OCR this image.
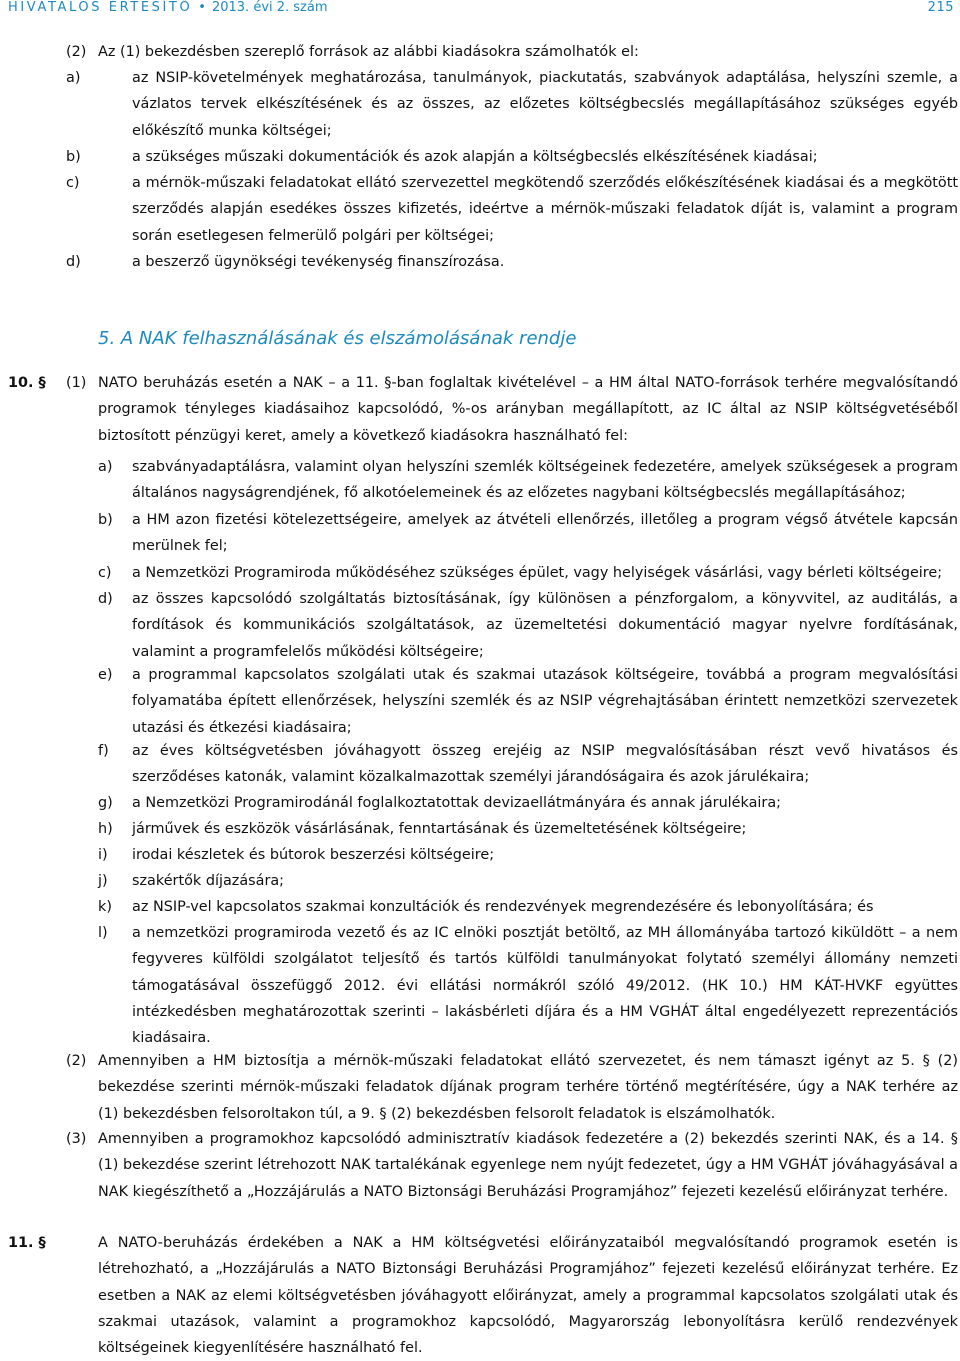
HIVATALOS ÉRTESÍTŐ • 2013. évi 2. szám	215
(2) Az (1) bekezdésben szereplő források az alábbi kiadásokra számolhatók el:
a)	az NSIP-követelmények meghatározása, tanulmányok, piackutatás, szabványok adaptálása, helyszíni szemle, a vázlatos tervek elkészítésének és az összes, az előzetes költségbecslés megállapításához szükséges egyéb előkészítő munka költségei;
b)	a szükséges műszaki dokumentációk és azok alapján a költségbecslés elkészítésének kiadásai;
c)	a mérnök-műszaki feladatokat ellátó szervezettel megkötendő szerződés előkészítésének kiadásai és a megkötött szerződés alapján esedékes összes kifizetés, ideértve a mérnök-műszaki feladatok díját is, valamint a program során esetlegesen felmerülő polgári per költségei;
d)	a beszerző ügynökségi tevékenység finanszírozása.
5. A NAK felhasználásának és elszámolásának rendje
10. § (1) NATO beruházás esetén a NAK – a 11. §-ban foglaltak kivételével – a HM által NATO-források terhére megvalósítandó programok tényleges kiadásaihoz kapcsolódó, %-os arányban megállapított, az IC által az NSIP költségvetéséből biztosított pénzügyi keret, amely a következő kiadásokra használható fel:
a) szabványadaptálásra, valamint olyan helyszíni szemlék költségeinek fedezetére, amelyek szükségesek a program általános nagyságrendjének, fő alkotóelemeinek és az előzetes nagybani költségbecslés megállapításához;
b) a HM azon fizetési kötelezettségeire, amelyek az átvételi ellenőrzés, illetőleg a program végső átvétele kapcsán merülnek fel;
c) a Nemzetközi Programiroda működéséhez szükséges épület, vagy helyiségek vásárlási, vagy bérleti költségeire;
d) az összes kapcsolódó szolgáltatás biztosításának, így különösen a pénzforgalom, a könyvvitel, az auditálás, a fordítások és kommunikációs szolgáltatások, az üzemeltetési dokumentáció magyar nyelvre fordításának, valamint a programfelelős működési költségeire;
e) a programmal kapcsolatos szolgálati utak és szakmai utazások költségeire, továbbá a program megvalósítási folyamatába épített ellenőrzések, helyszíni szemlék és az NSIP végrehajtásában érintett nemzetközi szervezetek utazási és étkezési kiadásaira;
f) az éves költségvetésben jóváhagyott összeg erejéig az NSIP megvalósításában részt vevő hivatásos és szerződéses katonák, valamint közalkalmazottak személyi járandóságaira és azok járulékaira;
g) a Nemzetközi Programirodánál foglalkoztatottak devizaellátmányára és annak járulékaira;
h) járművek és eszközök vásárlásának, fenntartásának és üzemeltetésének költségeire;
i) irodai készletek és bútorok beszerzési költségeire;
j) szakértők díjazására;
k) az NSIP-vel kapcsolatos szakmai konzultációk és rendezvények megrendezésére és lebonyolítására; és
l) a nemzetközi programiroda vezető és az IC elnöki posztját betöltő, az MH állományába tartozó kiküldött – a nem fegyveres külföldi szolgálatot teljesítő és tartós külföldi tanulmányokat folytató személyi állomány nemzeti támogatásával összefüggő 2012. évi ellátási normákról szóló 49/2012. (HK 10.) HM KÁT-HVKF együttes intézkedésben meghatározottak szerinti – lakásbérleti díjára és a HM VGHÁT által engedélyezett reprezentációs kiadásaira.
(2) Amennyiben a HM biztosítja a mérnök-műszaki feladatokat ellátó szervezetet, és nem támaszt igényt az 5. § (2) bekezdése szerinti mérnök-műszaki feladatok díjának program terhére történő megtérítésére, úgy a NAK terhére az (1) bekezdésben felsoroltakon túl, a 9. § (2) bekezdésben felsorolt feladatok is elszámolhatók.
(3) Amennyiben a programokhoz kapcsolódó adminisztratív kiadások fedezetére a (2) bekezdés szerinti NAK, és a 14. § (1) bekezdése szerint létrehozott NAK tartalékának egyenlege nem nyújt fedezetet, úgy a HM VGHÁT jóváhagyásával a NAK kiegészíthető a „Hozzájárulás a NATO Biztonsági Beruházási Programjához” fejezeti kezelésű előirányzat terhére.
11. §	A NATO-beruházás érdekében a NAK a HM költségvetési előirányzataiból megvalósítandó programok esetén is létrehozható, a „Hozzájárulás a NATO Biztonsági Beruházási Programjához” fejezeti kezelésű előirányzat terhére. Ez esetben a NAK az elemi költségvetésben jóváhagyott előirányzat, amely a programmal kapcsolatos szolgálati utak és szakmai utazások, valamint a programokhoz kapcsolódó, Magyarország lebonyolításra kerülő rendezvények költségeinek kiegyenlítésére használható fel.
